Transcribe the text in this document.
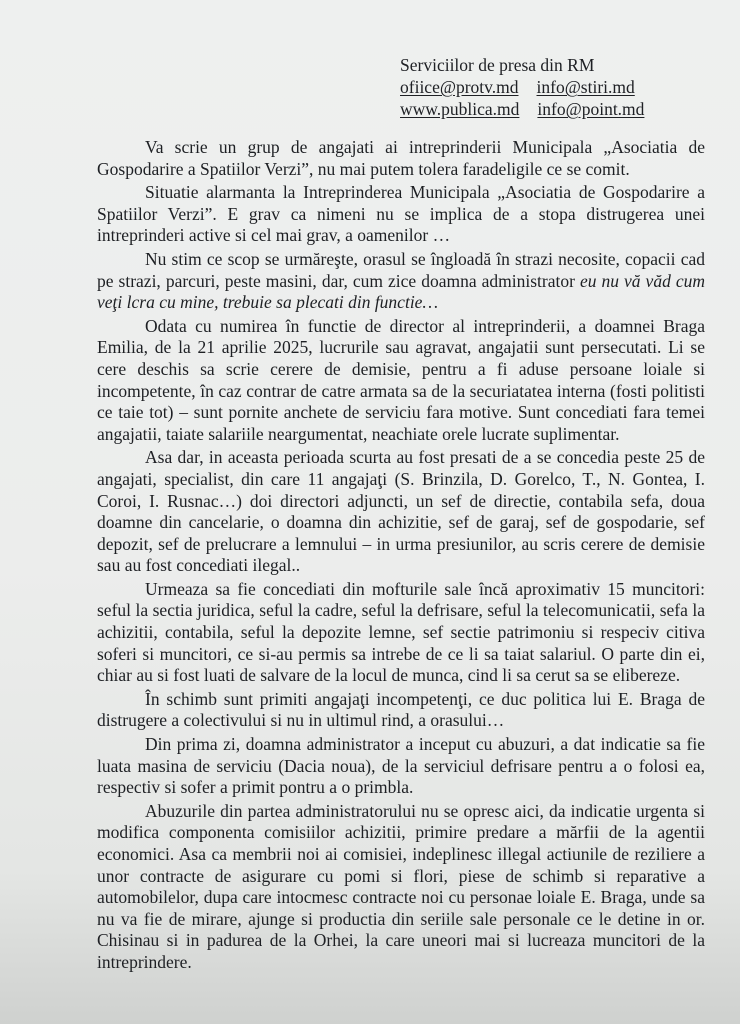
Serviciilor de presa din RM
ofiice@protv.md info@stiri.md
www.publica.md info@point.md

Va scrie un grup de angajati ai intreprinderii Municipala „Asociatia de Gospodarire a Spatiilor Verzi”, nu mai putem tolera faradeligile ce se comit.

Situatie alarmanta la Intreprinderea Municipala „Asociatia de Gospodarire a Spatiilor Verzi”. E grav ca nimeni nu se implica de a stopa distrugerea unei intreprinderi active si cel mai grav, a oamenilor …

Nu stim ce scop se urmăreşte, orasul se îngloadă în strazi necosite, copacii cad pe strazi, parcuri, peste masini, dar, cum zice doamna administrator eu nu vă văd cum veţi lcra cu mine, trebuie sa plecati din functie…

Odata cu numirea în functie de director al intreprinderii, a doamnei Braga Emilia, de la 21 aprilie 2025, lucrurile sau agravat, angajatii sunt persecutati. Li se cere deschis sa scrie cerere de demisie, pentru a fi aduse persoane loiale si incompetente, în caz contrar de catre armata sa de la securiatatea interna (fosti politisti ce taie tot) – sunt pornite anchete de serviciu fara motive. Sunt concediati fara temei angajatii, taiate salariile neargumentat, neachiate orele lucrate suplimentar.

Asa dar, in aceasta perioada scurta au fost presati de a se concedia peste 25 de angajati, specialist, din care 11 angajaţi (S. Brinzila, D. Gorelco, T., N. Gontea, I. Coroi, I. Rusnac…) doi directori adjuncti, un sef de directie, contabila sefa, doua doamne din cancelarie, o doamna din achizitie, sef de garaj, sef de gospodarie, sef depozit, sef de prelucrare a lemnului – in urma presiunilor, au scris cerere de demisie sau au fost concediati ilegal..

Urmeaza sa fie concediati din mofturile sale încă aproximativ 15 muncitori: seful la sectia juridica, seful la cadre, seful la defrisare, seful la telecomunicatii, sefa la achizitii, contabila, seful la depozite lemne, sef sectie patrimoniu si respeciv citiva soferi si muncitori, ce si-au permis sa intrebe de ce li sa taiat salariul. O parte din ei, chiar au si fost luati de salvare de la locul de munca, cind li sa cerut sa se elibereze.

În schimb sunt primiti angajaţi incompetenţi, ce duc politica lui E. Braga de distrugere a colectivului si nu in ultimul rind, a orasului…

Din prima zi, doamna administrator a inceput cu abuzuri, a dat indicatie sa fie luata masina de serviciu (Dacia noua), de la serviciul defrisare pentru a o folosi ea, respectiv si sofer a primit pontru a o primbla.

Abuzurile din partea administratorului nu se opresc aici, da indicatie urgenta si modifica componenta comisiilor achizitii, primire predare a mărfii de la agentii economici. Asa ca membrii noi ai comisiei, indeplinesc illegal actiunile de reziliere a unor contracte de asigurare cu pomi si flori, piese de schimb si reparative a automobilelor, dupa care intocmesc contracte noi cu personae loiale E. Braga, unde sa nu va fie de mirare, ajunge si productia din seriile sale personale ce le detine in or. Chisinau si in padurea de la Orhei, la care uneori mai si lucreaza muncitori de la intreprindere.
